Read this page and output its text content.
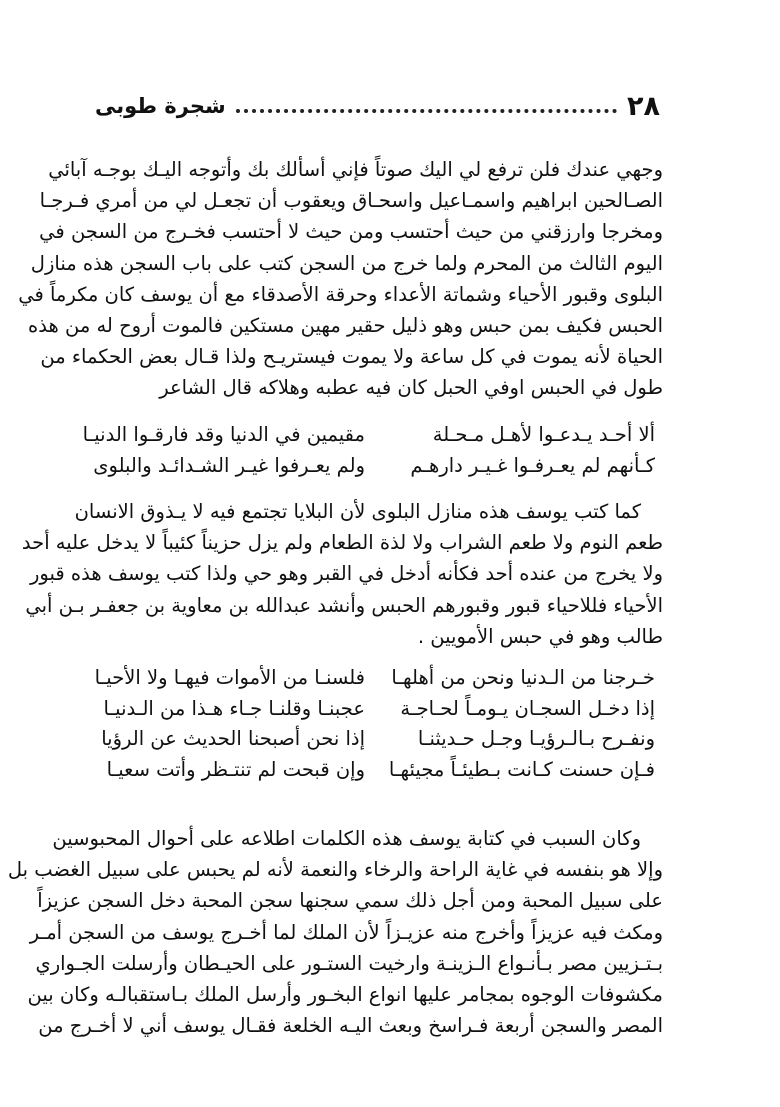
٢٨
شجرة طوبى
وجهي عندك فلن ترفع لي اليك صوتاً فإني أسألك بك وأتوجه اليـك بوجـه آبائي
الصـالحين ابراهيم واسمـاعيل واسحـاق ويعقوب أن تجعـل لي من أمري فـرجـا
ومخرجا وارزقني من حيث أحتسب ومن حيث لا أحتسب فخـرج من السجن في
اليوم الثالث من المحرم ولما خرج من السجن كتب على باب السجن هذه منازل
البلوى وقبور الأحياء وشماتة الأعداء وحرقة الأصدقاء مع أن يوسف كان مكرماً في
الحبس فكيف بمن حبس وهو ذليل حقير مهين مستكين فالموت أروح له من هذه
الحياة لأنه يموت في كل ساعة ولا يموت فيستريـح ولذا قـال بعض الحكماء من
طول في الحبس اوفي الحبل كان فيه عطبه وهلاكه قال الشاعر
ألا أحـد يـدعـوا لأهـل مـحـلة
مقيمين في الدنيا وقد فارقـوا الدنيـا
كـأنهم لم يعـرفـوا غـيـر دارهـم
ولم يعـرفوا غيـر الشـدائـد والبلوى
كما كتب يوسف هذه منازل البلوى لأن البلايا تجتمع فيه لا يـذوق الانسان
طعم النوم ولا طعم الشراب ولا لذة الطعام ولم يزل حزيناً كئيباً لا يدخل عليه أحد
ولا يخرج من عنده أحد فكأنه أدخل في القبر وهو حي ولذا كتب يوسف هذه قبور
الأحياء فللاحياء قبور وقبورهم الحبس وأنشد عبدالله بن معاوية بن جعفـر بـن أبي
طالب وهو في حبس الأمويين .
خـرجنا من الـدنيا ونحن من أهلهـا
فلسنـا من الأموات فيهـا ولا الأحيـا
إذا دخـل السجـان يـومـاً لحـاجـة
عجبنـا وقلنـا جـاء هـذا من الـدنيـا
ونفـرح بـالـرؤيـا وجـل حـديثنـا
إذا نحن أصبحنا الحديث عن الرؤيا
فـإن حسنت كـانت بـطيئـاً مجيئهـا
وإن قبحت لم تنتـظر وأتت سعيـا
وكان السبب في كتابة يوسف هذه الكلمات اطلاعه على أحوال المحبوسين
وإلا هو بنفسه في غاية الراحة والرخاء والنعمة لأنه لم يحبس على سبيل الغضب بل
على سبيل المحبة ومن أجل ذلك سمي سجنها سجن المحبة دخل السجن عزيزاً
ومكث فيه عزيزاً وأخرج منه عزيـزاً لأن الملك لما أخـرج يوسف من السجن أمـر
بـتـزيين مصر بـأنـواع الـزينـة وارخيت الستـور على الحيـطان وأرسلت الجـواري
مكشوفات الوجوه بمجامر عليها انواع البخـور وأرسل الملك بـاستقبالـه وكان بين
المصر والسجن أربعة فـراسخ وبعث اليـه الخلعة فقـال يوسف أني لا أخـرج من
